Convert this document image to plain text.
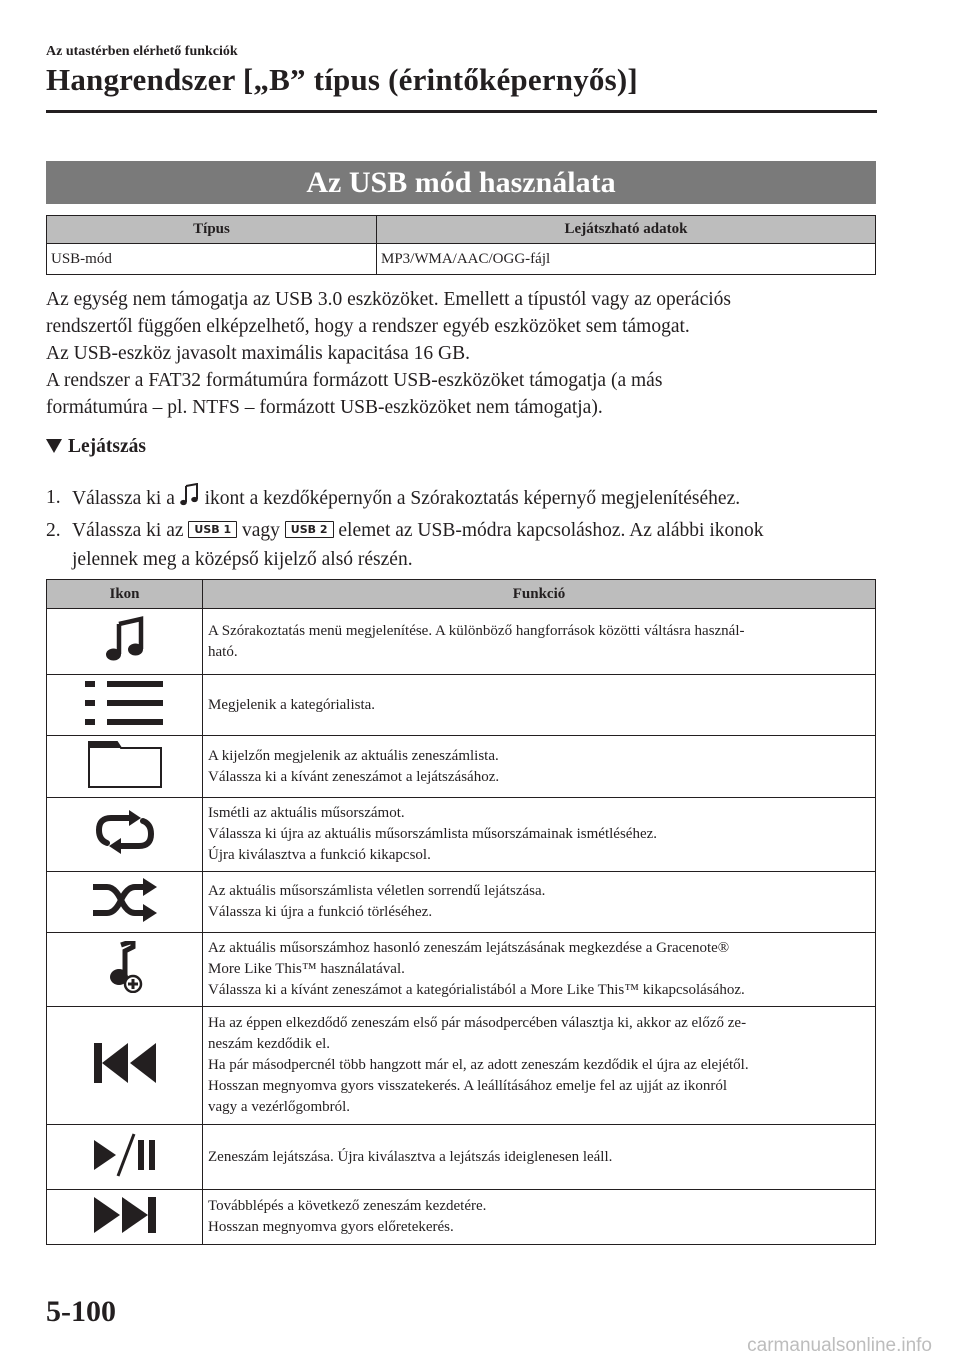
Az utastérben elérhető funkciók
Hangrendszer [„B” típus (érintőképernyős)]
Az USB mód használata
Típus	Lejátszható adatok
USB-mód	MP3/WMA/AAC/OGG-fájl

Az egység nem támogatja az USB 3.0 eszközöket. Emellett a típustól vagy az operációs

rendszertől függően elképzelhető, hogy a rendszer egyéb eszközöket sem támogat.

Az USB-eszköz javasolt maximális kapacitása 16 GB.

A rendszer a FAT32 formátumúra formázott USB-eszközöket támogatja (a más

formátumúra – pl. NTFS – formázott USB-eszközöket nem támogatja).

Lejátszás
1. Válassza ki a ikont a kezdőképernyőn a Szórakoztatás képernyő megjelenítéséhez.
2. Válassza ki az USB 1 vagy USB 2 elemet az USB-módra kapcsoláshoz. Az alábbi ikonok
jelennek meg a középső kijelző alsó részén.
Ikon	Funkció

A Szórakoztatás menü megjelenítése. A különböző hangforrások közötti váltásra használ-
ható.

Megjelenik a kategórialista.

A kijelzőn megjelenik az aktuális zeneszámlista.
Válassza ki a kívánt zeneszámot a lejátszásához.

Ismétli az aktuális műsorszámot.
Válassza ki újra az aktuális műsorszámlista műsorszámainak ismétléséhez.
Újra kiválasztva a funkció kikapcsol.

Az aktuális műsorszámlista véletlen sorrendű lejátszása.
Válassza ki újra a funkció törléséhez.

Az aktuális műsorszámhoz hasonló zeneszám lejátszásának megkezdése a Gracenote®
More Like This™ használatával.
Válassza ki a kívánt zeneszámot a kategórialistából a More Like This™ kikapcsolásához.

Ha az éppen elkezdődő zeneszám első pár másodpercében választja ki, akkor az előző ze-
neszám kezdődik el.
Ha pár másodpercnél több hangzott már el, az adott zeneszám kezdődik el újra az elejétől.
Hosszan megnyomva gyors visszatekerés. A leállításához emelje fel az ujját az ikonról
vagy a vezérlőgombról.

Zeneszám lejátszása. Újra kiválasztva a lejátszás ideiglenesen leáll.

Továbblépés a következő zeneszám kezdetére.
Hosszan megnyomva gyors előretekerés.
5-100
carmanualsonline.info
